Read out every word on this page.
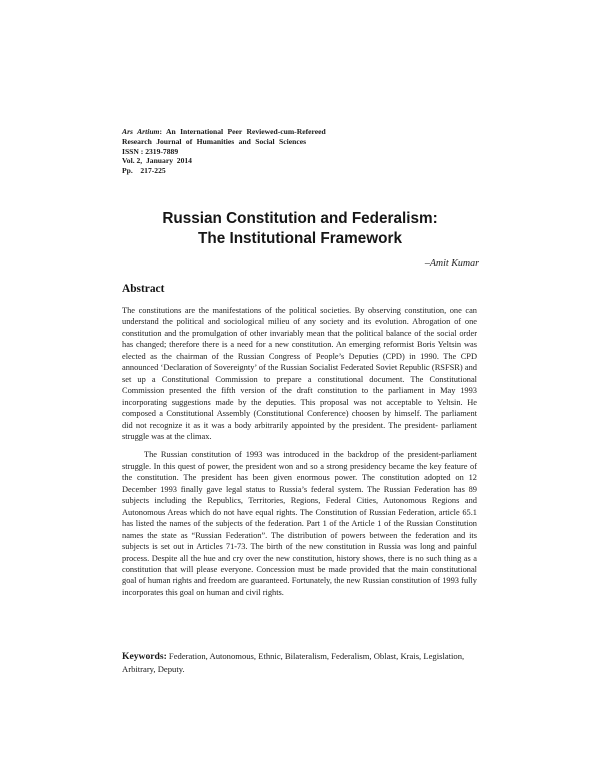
Ars Artium: An International Peer Reviewed-cum-Refereed
Research Journal of Humanities and Social Sciences
ISSN : 2319-7889
Vol. 2,  January  2014
Pp.    217-225
Russian Constitution and Federalism:
The Institutional Framework
–Amit Kumar
Abstract

The constitutions are the manifestations of the political societies. By observing constitution, one can understand the political and sociological milieu of any society and its evolution. Abrogation of one constitution and the promulgation of other invariably mean that the political balance of the social order has changed; therefore there is a need for a new constitution. An emerging reformist Boris Yeltsin was elected as the chairman of the Russian Congress of People’s Deputies (CPD) in 1990. The CPD announced ‘Declaration of Sovereignty’ of the Russian Socialist Federated Soviet Republic (RSFSR) and set up a Constitutional Commission to prepare a constitutional document. The Constitutional Commission presented the fifth version of the draft constitution to the parliament in May 1993 incorporating suggestions made by the deputies. This proposal was not acceptable to Yeltsin. He composed a Constitutional Assembly (Constitutional Conference) choosen by himself. The parliament did not recognize it as it was a body arbitrarily appointed by the president. The president- parliament struggle was at the climax.

The Russian constitution of 1993 was introduced in the backdrop of the president-parliament struggle. In this quest of power, the president won and so a strong presidency became the key feature of the constitution. The president has been given enormous power. The constitution adopted on 12 December 1993 finally gave legal status to Russia’s federal system. The Russian Federation has 89 subjects including the Republics, Territories, Regions, Federal Cities, Autonomous Regions and Autonomous Areas which do not have equal rights. The Constitution of Russian Federation, article 65.1 has listed the names of the subjects of the federation. Part 1 of the Article 1 of the Russian Constitution names the state as “Russian Federation”. The distribution of powers between the federation and its subjects is set out in Articles 71-73. The birth of the new constitution in Russia was long and painful process. Despite all the hue and cry over the new constitution, history shows, there is no such thing as a constitution that will please everyone. Concession must be made provided that the main constitutional goal of human rights and freedom are guaranteed. Fortunately, the new Russian constitution of 1993 fully incorporates this goal on human and civil rights.

Keywords: Federation, Autonomous, Ethnic, Bilateralism, Federalism, Oblast, Krais, Legislation, Arbitrary, Deputy.
